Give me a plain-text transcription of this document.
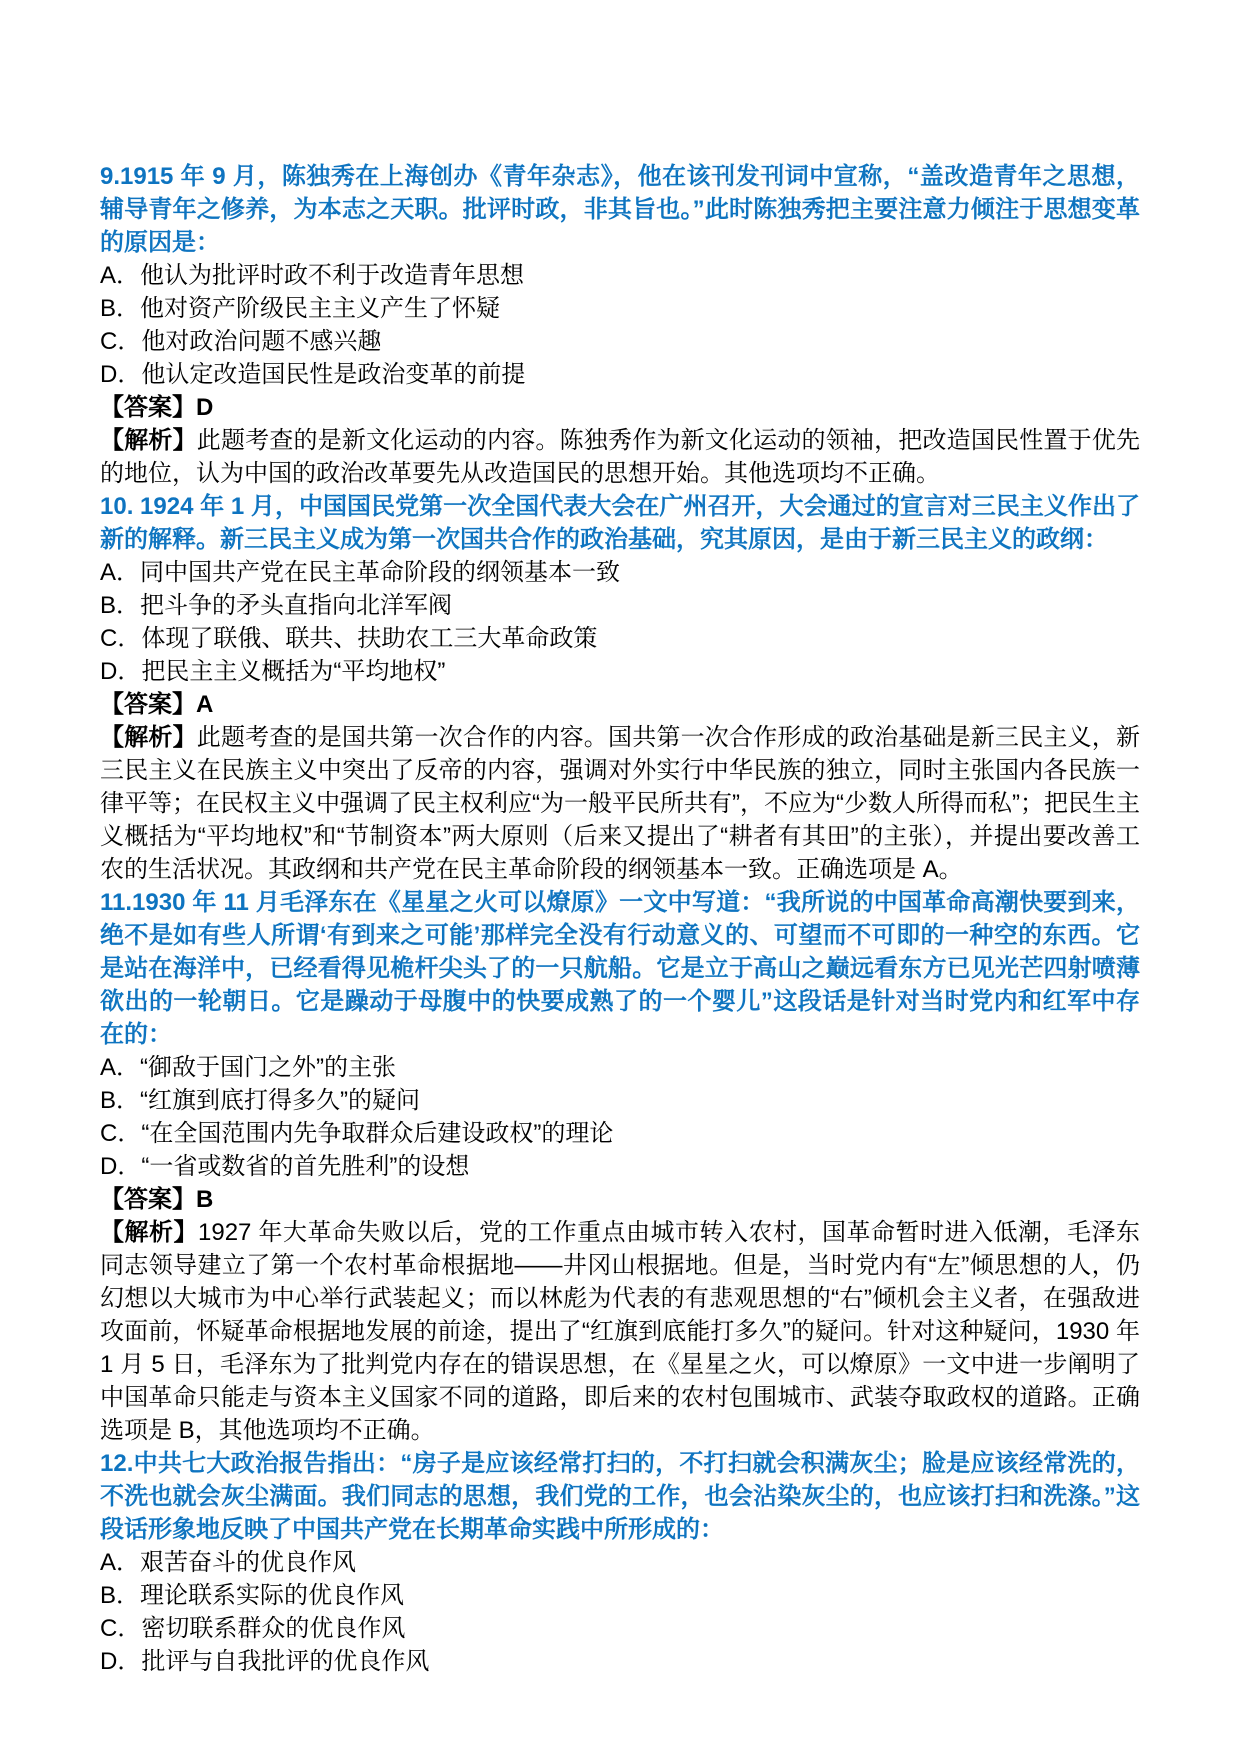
9.1915 年 9 月，陈独秀在上海创办《青年杂志》，他在该刊发刊词中宣称，“盖改造青年之思想，辅导青年之修养，为本志之天职。批评时政，非其旨也。”此时陈独秀把主要注意力倾注于思想变革的原因是：

A．他认为批评时政不利于改造青年思想

B．他对资产阶级民主主义产生了怀疑

C．他对政治问题不感兴趣

D．他认定改造国民性是政治变革的前提

【答案】D

【解析】此题考查的是新文化运动的内容。陈独秀作为新文化运动的领袖，把改造国民性置于优先的地位，认为中国的政治改革要先从改造国民的思想开始。其他选项均不正确。

10. 1924 年 1 月，中国国民党第一次全国代表大会在广州召开，大会通过的宣言对三民主义作出了新的解释。新三民主义成为第一次国共合作的政治基础，究其原因，是由于新三民主义的政纲：

A．同中国共产党在民主革命阶段的纲领基本一致

B．把斗争的矛头直指向北洋军阀

C．体现了联俄、联共、扶助农工三大革命政策

D．把民主主义概括为“平均地权”

【答案】A

【解析】此题考查的是国共第一次合作的内容。国共第一次合作形成的政治基础是新三民主义，新三民主义在民族主义中突出了反帝的内容，强调对外实行中华民族的独立，同时主张国内各民族一律平等；在民权主义中强调了民主权利应“为一般平民所共有”，不应为“少数人所得而私”；把民生主义概括为“平均地权”和“节制资本”两大原则（后来又提出了“耕者有其田”的主张），并提出要改善工农的生活状况。其政纲和共产党在民主革命阶段的纲领基本一致。正确选项是 A。

11.1930 年 11 月毛泽东在《星星之火可以燎原》一文中写道：“我所说的中国革命高潮快要到来，绝不是如有些人所谓‘有到来之可能’那样完全没有行动意义的、可望而不可即的一种空的东西。它是站在海洋中，已经看得见桅杆尖头了的一只航船。它是立于高山之巅远看东方已见光芒四射喷薄欲出的一轮朝日。它是躁动于母腹中的快要成熟了的一个婴儿”这段话是针对当时党内和红军中存在的：

A．“御敌于国门之外”的主张

B．“红旗到底打得多久”的疑问

C．“在全国范围内先争取群众后建设政权”的理论

D．“一省或数省的首先胜利”的设想

【答案】B

【解析】1927 年大革命失败以后，党的工作重点由城市转入农村，国革命暂时进入低潮，毛泽东同志领导建立了第一个农村革命根据地——井冈山根据地。但是，当时党内有“左”倾思想的人，仍幻想以大城市为中心举行武装起义；而以林彪为代表的有悲观思想的“右”倾机会主义者，在强敌进攻面前，怀疑革命根据地发展的前途，提出了“红旗到底能打多久”的疑问。针对这种疑问，1930 年 1 月 5 日，毛泽东为了批判党内存在的错误思想，在《星星之火，可以燎原》一文中进一步阐明了中国革命只能走与资本主义国家不同的道路，即后来的农村包围城市、武装夺取政权的道路。正确选项是 B，其他选项均不正确。

12.中共七大政治报告指出：“房子是应该经常打扫的，不打扫就会积满灰尘；脸是应该经常洗的，不洗也就会灰尘满面。我们同志的思想，我们党的工作，也会沾染灰尘的，也应该打扫和洗涤。”这段话形象地反映了中国共产党在长期革命实践中所形成的：

A．艰苦奋斗的优良作风

B．理论联系实际的优良作风

C．密切联系群众的优良作风

D．批评与自我批评的优良作风
